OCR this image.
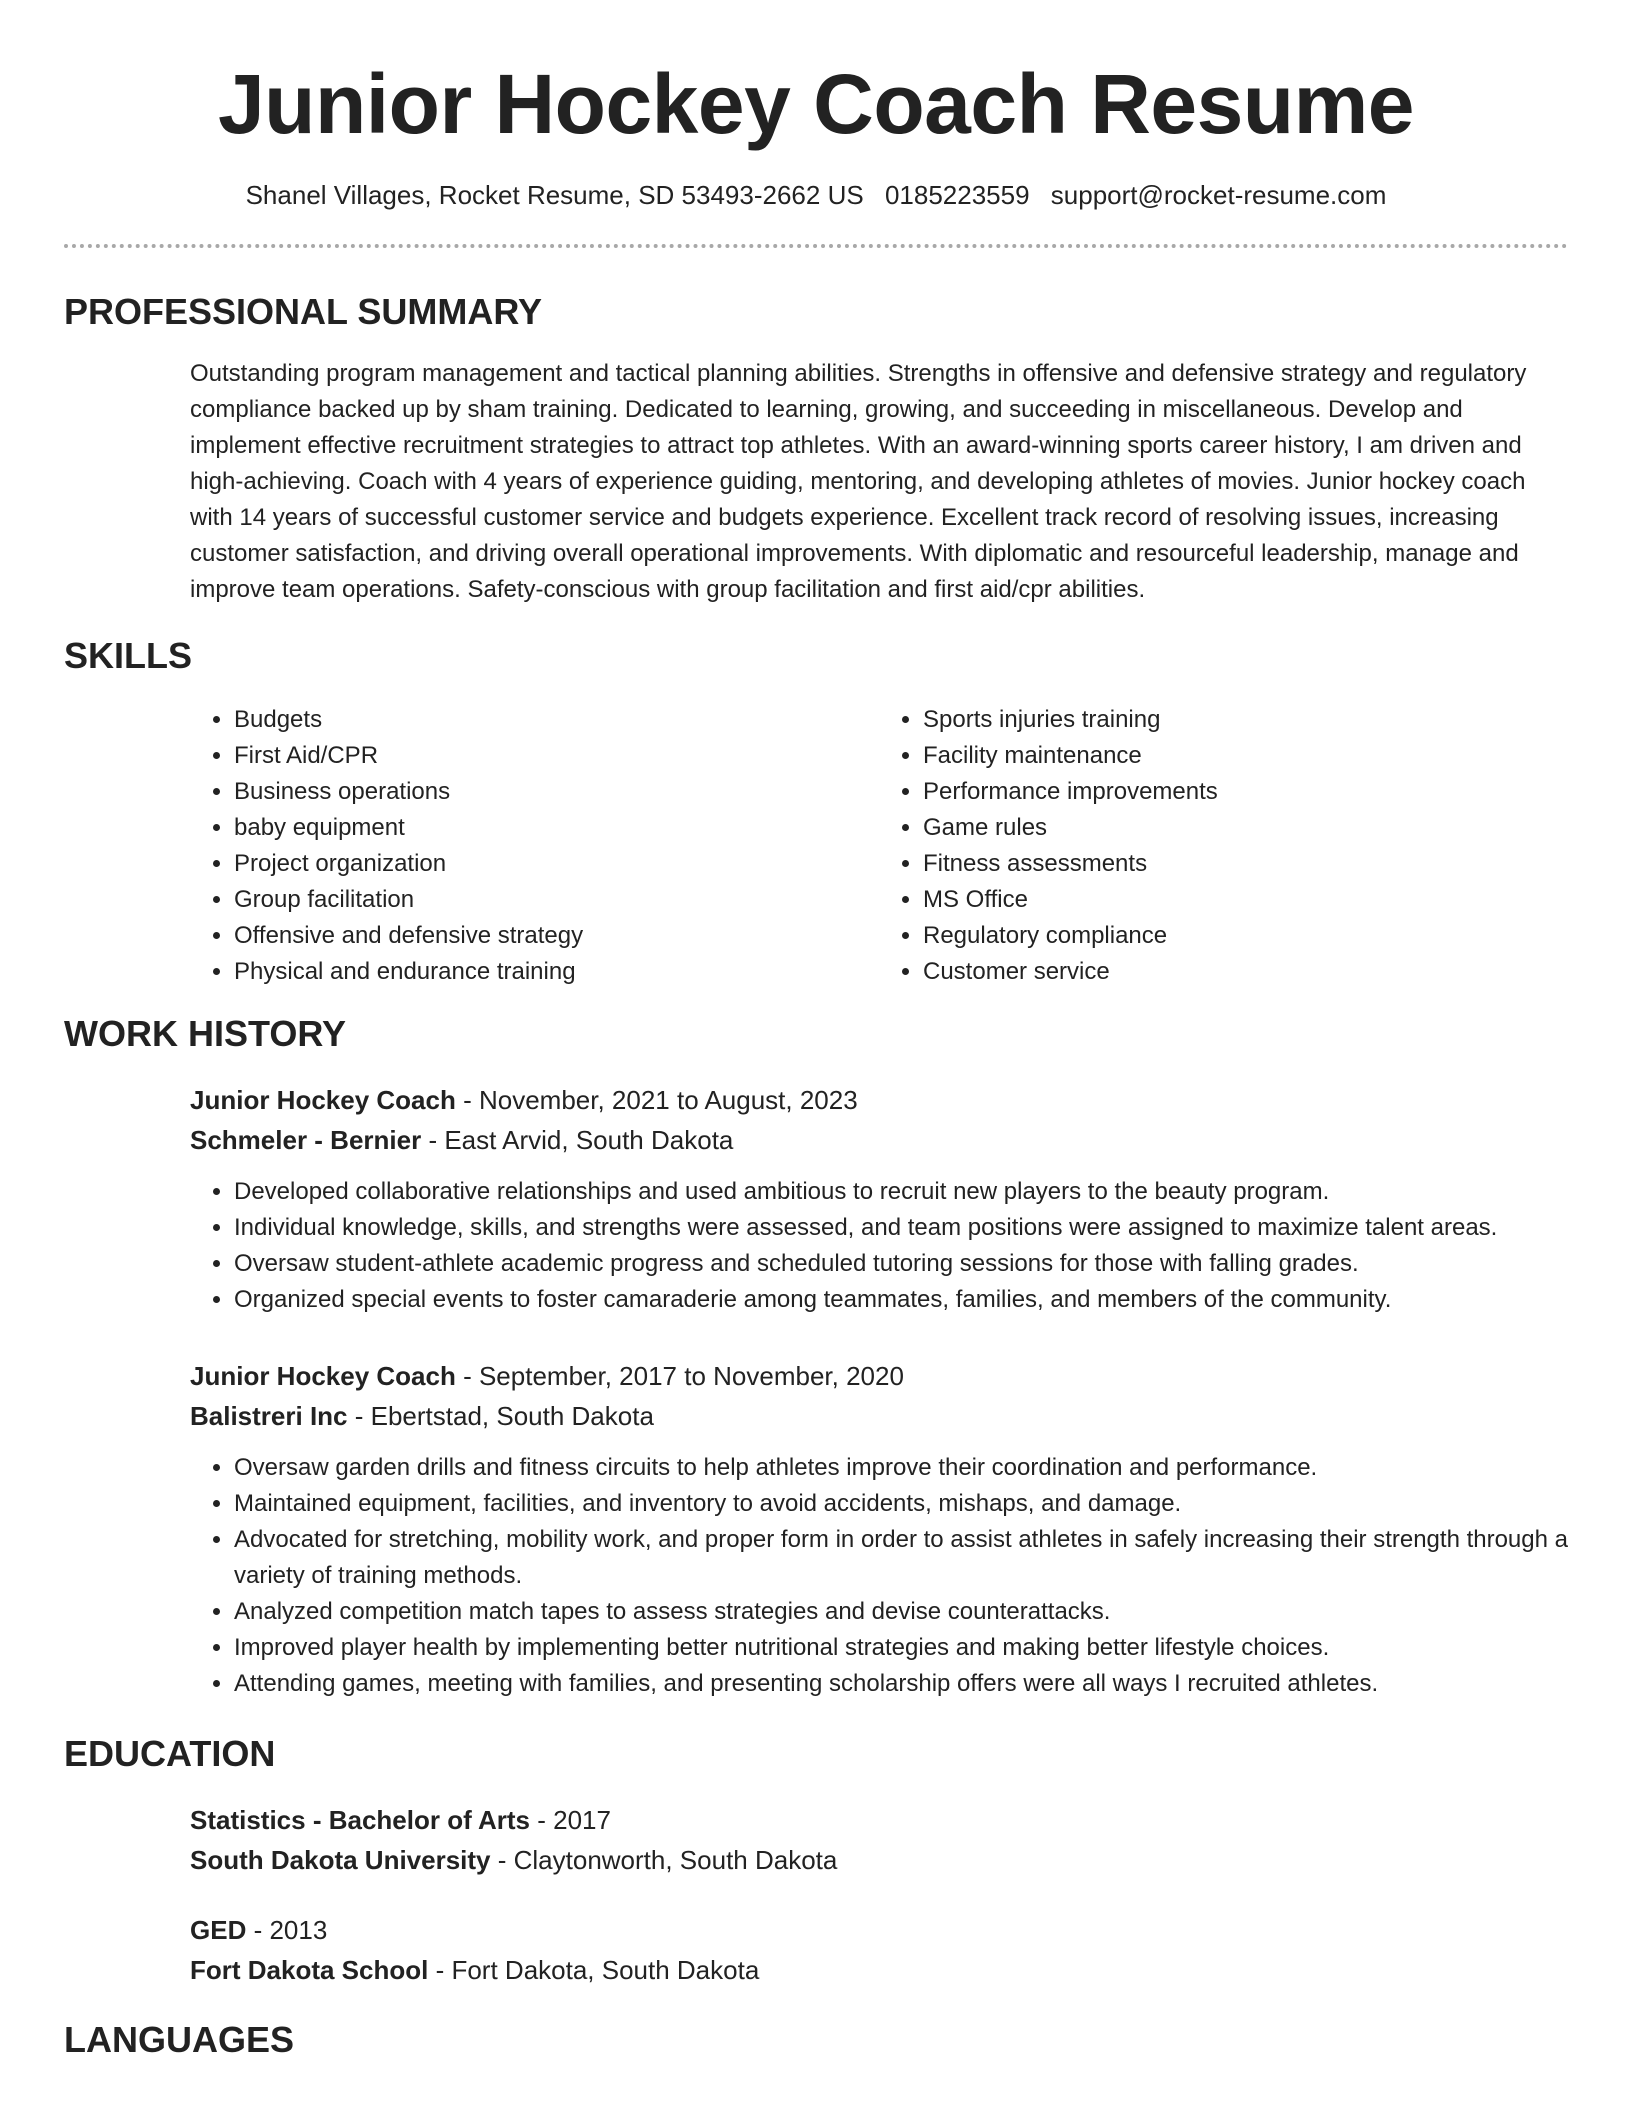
Junior Hockey Coach Resume
Shanel Villages, Rocket Resume, SD 53493-2662 US 0185223559 support@rocket-resume.com
PROFESSIONAL SUMMARY

Outstanding program management and tactical planning abilities. Strengths in offensive and defensive strategy and regulatory compliance backed up by sham training. Dedicated to learning, growing, and succeeding in miscellaneous. Develop and implement effective recruitment strategies to attract top athletes. With an award-winning sports career history, I am driven and high-achieving. Coach with 4 years of experience guiding, mentoring, and developing athletes of movies. Junior hockey coach with 14 years of successful customer service and budgets experience. Excellent track record of resolving issues, increasing customer satisfaction, and driving overall operational improvements. With diplomatic and resourceful leadership, manage and improve team operations. Safety-conscious with group facilitation and first aid/cpr abilities.

SKILLS
• Budgets
• First Aid/CPR
• Business operations
• baby equipment
• Project organization
• Group facilitation
• Offensive and defensive strategy
• Physical and endurance training
• Sports injuries training
• Facility maintenance
• Performance improvements
• Game rules
• Fitness assessments
• MS Office
• Regulatory compliance
• Customer service
WORK HISTORY
Junior Hockey Coach - November, 2021 to August, 2023
Schmeler - Bernier - East Arvid, South Dakota
• Developed collaborative relationships and used ambitious to recruit new players to the beauty program.
• Individual knowledge, skills, and strengths were assessed, and team positions were assigned to maximize talent areas.
• Oversaw student-athlete academic progress and scheduled tutoring sessions for those with falling grades.
• Organized special events to foster camaraderie among teammates, families, and members of the community.
Junior Hockey Coach - September, 2017 to November, 2020
Balistreri Inc - Ebertstad, South Dakota
• Oversaw garden drills and fitness circuits to help athletes improve their coordination and performance.
• Maintained equipment, facilities, and inventory to avoid accidents, mishaps, and damage.
• Advocated for stretching, mobility work, and proper form in order to assist athletes in safely increasing their strength through a variety of training methods.
• Analyzed competition match tapes to assess strategies and devise counterattacks.
• Improved player health by implementing better nutritional strategies and making better lifestyle choices.
• Attending games, meeting with families, and presenting scholarship offers were all ways I recruited athletes.
EDUCATION
Statistics - Bachelor of Arts - 2017
South Dakota University - Claytonworth, South Dakota
GED - 2013
Fort Dakota School - Fort Dakota, South Dakota
LANGUAGES
